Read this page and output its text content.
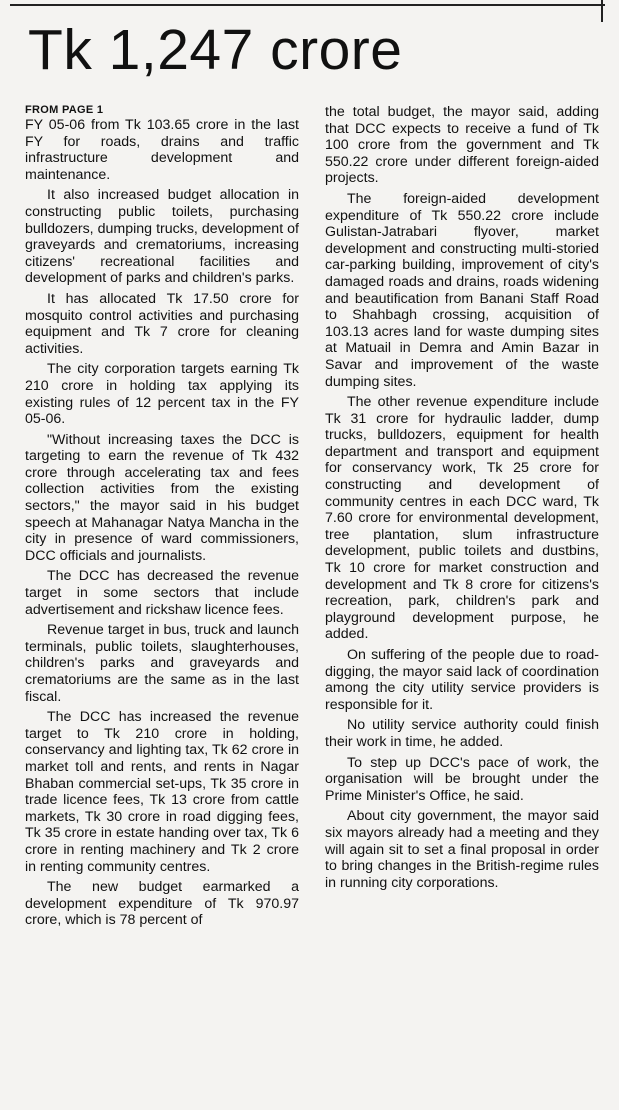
Tk 1,247 crore
FROM PAGE 1

FY 05-06 from Tk 103.65 crore in the last FY for roads, drains and traffic infrastructure development and maintenance.

It also increased budget allocation in constructing public toilets, purchasing bulldozers, dumping trucks, development of graveyards and crematoriums, increasing citizens' recreational facilities and development of parks and children's parks.

It has allocated Tk 17.50 crore for mosquito control activities and purchasing equipment and Tk 7 crore for cleaning activities.

The city corporation targets earning Tk 210 crore in holding tax applying its existing rules of 12 percent tax in the FY 05-06.

"Without increasing taxes the DCC is targeting to earn the revenue of Tk 432 crore through accelerating tax and fees collection activities from the existing sectors," the mayor said in his budget speech at Mahanagar Natya Mancha in the city in presence of ward commissioners, DCC officials and journalists.

The DCC has decreased the revenue target in some sectors that include advertisement and rickshaw licence fees.

Revenue target in bus, truck and launch terminals, public toilets, slaughterhouses, children's parks and graveyards and crematoriums are the same as in the last fiscal.

The DCC has increased the revenue target to Tk 210 crore in holding, conservancy and lighting tax, Tk 62 crore in market toll and rents, and rents in Nagar Bhaban commercial set-ups, Tk 35 crore in trade licence fees, Tk 13 crore from cattle markets, Tk 30 crore in road digging fees, Tk 35 crore in estate handing over tax, Tk 6 crore in renting machinery and Tk 2 crore in renting community centres.

The new budget earmarked a development expenditure of Tk 970.97 crore, which is 78 percent of

the total budget, the mayor said, adding that DCC expects to receive a fund of Tk 100 crore from the government and Tk 550.22 crore under different foreign-aided projects.

The foreign-aided development expenditure of Tk 550.22 crore include Gulistan-Jatrabari flyover, market development and constructing multi-storied car-parking building, improvement of city's damaged roads and drains, roads widening and beautification from Banani Staff Road to Shahbagh crossing, acquisition of 103.13 acres land for waste dumping sites at Matuail in Demra and Amin Bazar in Savar and improvement of the waste dumping sites.

The other revenue expenditure include Tk 31 crore for hydraulic ladder, dump trucks, bulldozers, equipment for health department and transport and equipment for conservancy work, Tk 25 crore for constructing and development of community centres in each DCC ward, Tk 7.60 crore for environmental development, tree plantation, slum infrastructure development, public toilets and dustbins, Tk 10 crore for market construction and development and Tk 8 crore for citizens's recreation, park, children's park and playground development purpose, he added.

On suffering of the people due to road-digging, the mayor said lack of coordination among the city utility service providers is responsible for it.

No utility service authority could finish their work in time, he added.

To step up DCC's pace of work, the organisation will be brought under the Prime Minister's Office, he said.

About city government, the mayor said six mayors already had a meeting and they will again sit to set a final proposal in order to bring changes in the British-regime rules in running city corporations.
